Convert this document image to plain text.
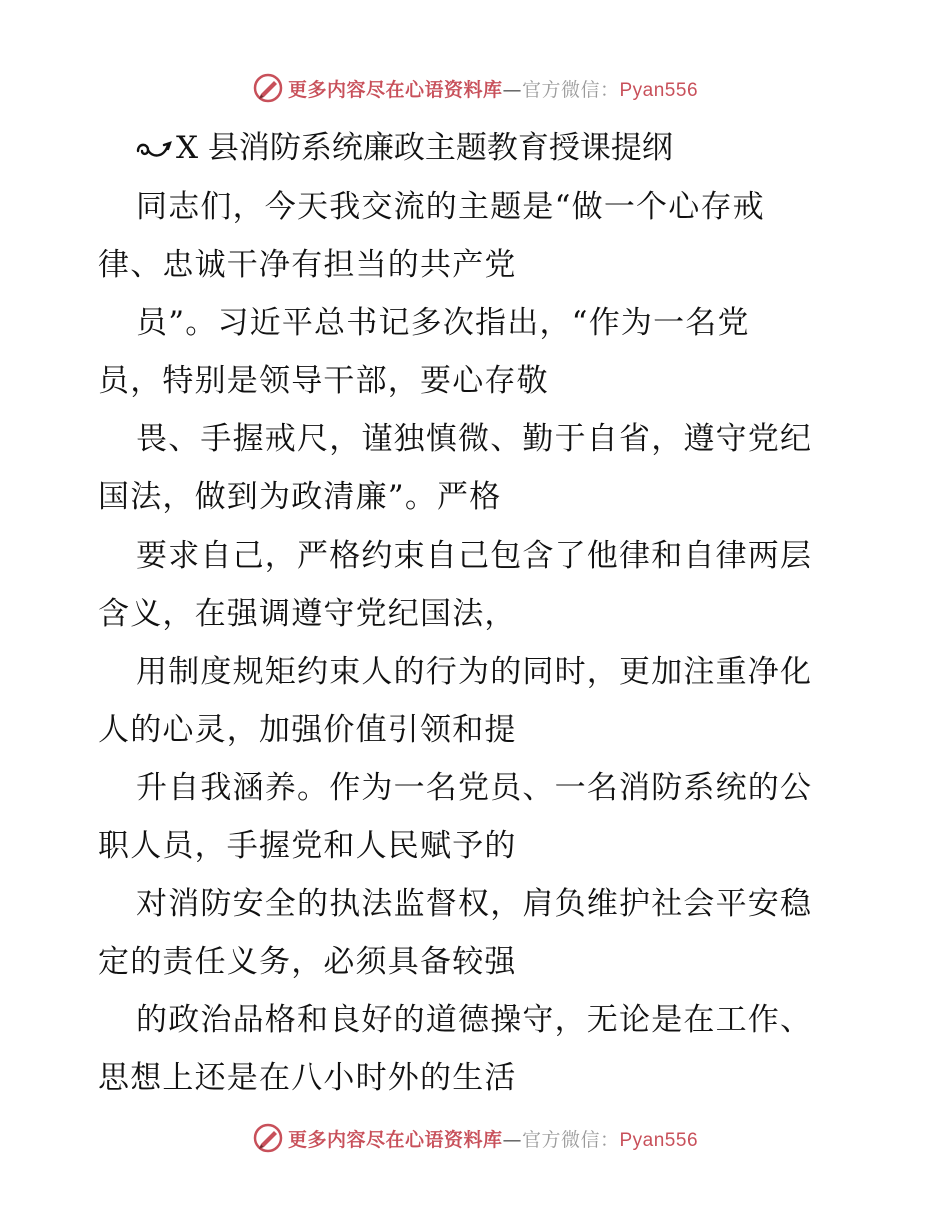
更多内容尽在心语资料库—官方微信：Pyan556
X 县消防系统廉政主题教育授课提纲
同志们，今天我交流的主题是“做一个心存戒
律、忠诚干净有担当的共产党
员”。习近平总书记多次指出，“作为一名党
员，特别是领导干部，要心存敬
畏、手握戒尺，谨独慎微、勤于自省，遵守党纪
国法，做到为政清廉”。严格
要求自己，严格约束自己包含了他律和自律两层
含义，在强调遵守党纪国法，
用制度规矩约束人的行为的同时，更加注重净化
人的心灵，加强价值引领和提
升自我涵养。作为一名党员、一名消防系统的公
职人员，手握党和人民赋予的
对消防安全的执法监督权，肩负维护社会平安稳
定的责任义务，必须具备较强
的政治品格和良好的道德操守，无论是在工作、
思想上还是在八小时外的生活
更多内容尽在心语资料库—官方微信：Pyan556
